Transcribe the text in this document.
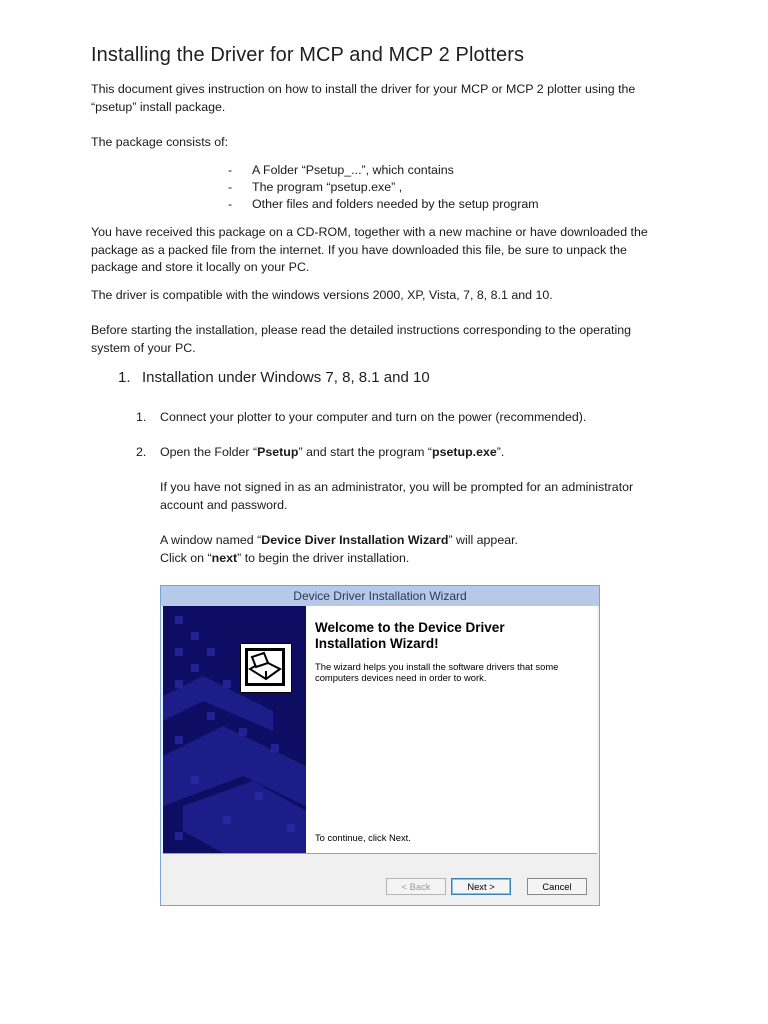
Installing the Driver for MCP and MCP 2 Plotters

This document gives instruction on how to install the driver for your MCP or MCP 2 plotter using the
“psetup” install package.

The package consists of:

- A Folder “Psetup_...”, which contains
- The program “psetup.exe” ,
- Other files and folders needed by the setup program

You have received this package on a CD-ROM, together with a new machine or have downloaded the
package as a packed file from the internet. If you have downloaded this file, be sure to unpack the
package and store it locally on your PC.

The driver is compatible with the windows versions 2000, XP, Vista, 7, 8, 8.1 and 10.

Before starting the installation, please read the detailed instructions corresponding to the operating
system of your PC.

1. Installation under Windows 7, 8, 8.1 and 10
1. Connect your plotter to your computer and turn on the power (recommended).
2. Open the Folder “Psetup” and start the program “psetup.exe”.

If you have not signed in as an administrator, you will be prompted for an administrator
account and password.

A window named “Device Diver Installation Wizard” will appear.
Click on “next” to begin the driver installation.

Device Driver Installation Wizard
Welcome to the Device Driver
Installation Wizard!

The wizard helps you install the software drivers that some
computers devices need in order to work.

To continue, click Next.

< Back	Next >	Cancel
